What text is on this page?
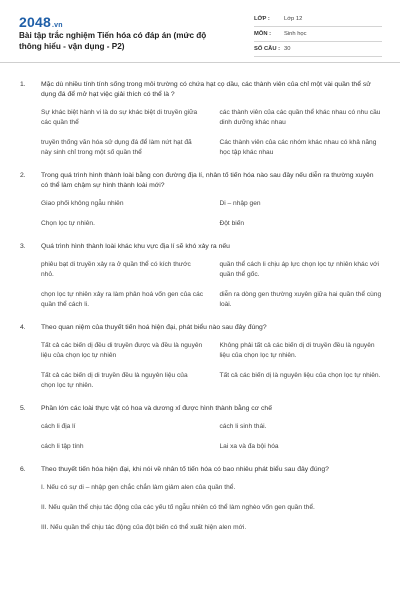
2048.vn
Bài tập trắc nghiệm Tiến hóa có đáp án (mức độ thông hiểu - vận dụng - P2)
LỚP :	Lớp 12
MÔN :	Sinh học
SỐ CÂU : 30
1.	Mặc dù nhiều tính tính sống trong môi trường có chứa hạt cọ dầu, các thành viên của chỉ một vài quần thể sử dụng đá để mở hạt việc giải thích có thể là ?
Sự khác biệt hành vi là do sự khác biệt di truyền giữa các quần thể
các thành viên của các quần thể khác nhau có nhu cầu dinh dưỡng khác nhau
truyền thống văn hóa sử dụng đá để làm nứt hạt đã này sinh chỉ trong một số quần thể
Các thành viên của các nhóm khác nhau có khả năng học tập khác nhau
2.	Trong quá trình hình thành loài bằng con đường địa lí, nhân tố tiến hóa nào sau đây nếu diễn ra thường xuyên có thể làm chậm sự hình thành loài mới?
Giao phối không ngẫu nhiên	Di – nhập gen
Chọn lọc tự nhiên.	Đột biến
3.	Quá trình hình thành loài khác khu vực địa lí sẽ khó xảy ra nếu
phiêu bạt di truyền xảy ra ở quần thể có kích thước nhỏ.
quần thể cách li chịu áp lực chọn lọc tự nhiên khác với quần thể gốc.
chọn lọc tự nhiên xảy ra làm phân hoá vốn gen của các quần thể cách li.
diễn ra dòng gen thường xuyên giữa hai quần thể cùng loài.
4.	Theo quan niệm của thuyết tiến hoá hiện đại, phát biểu nào sau đây đúng?
Tất cả các biến dị đều di truyền được và đều là nguyên liệu của chọn lọc tự nhiên
Không phải tất cả các biến dị di truyền đều là nguyên liệu của chọn lọc tự nhiên.
Tất cả các biến dị di truyền đều là nguyên liệu của chọn lọc tự nhiên.
Tất cả các biến dị là nguyên liệu của chọn lọc tự nhiên.
5.	Phần lớn các loài thực vật có hoa và dương xỉ được hình thành bằng cơ chế
cách li địa lí	cách li sinh thái.
cách li tập tính	Lai xa và đa bội hóa
6.	Theo thuyết tiến hóa hiện đại, khi nói về nhân tố tiến hóa có bao nhiêu phát biểu sau đây đúng?
I. Nếu có sự di – nhập gen chắc chắn làm giảm alen của quần thể.
II. Nếu quần thể chịu tác động của các yếu tố ngẫu nhiên có thể làm nghèo vốn gen quần thể.
III. Nếu quần thể chịu tác động của đột biến có thể xuất hiện alen mới.
